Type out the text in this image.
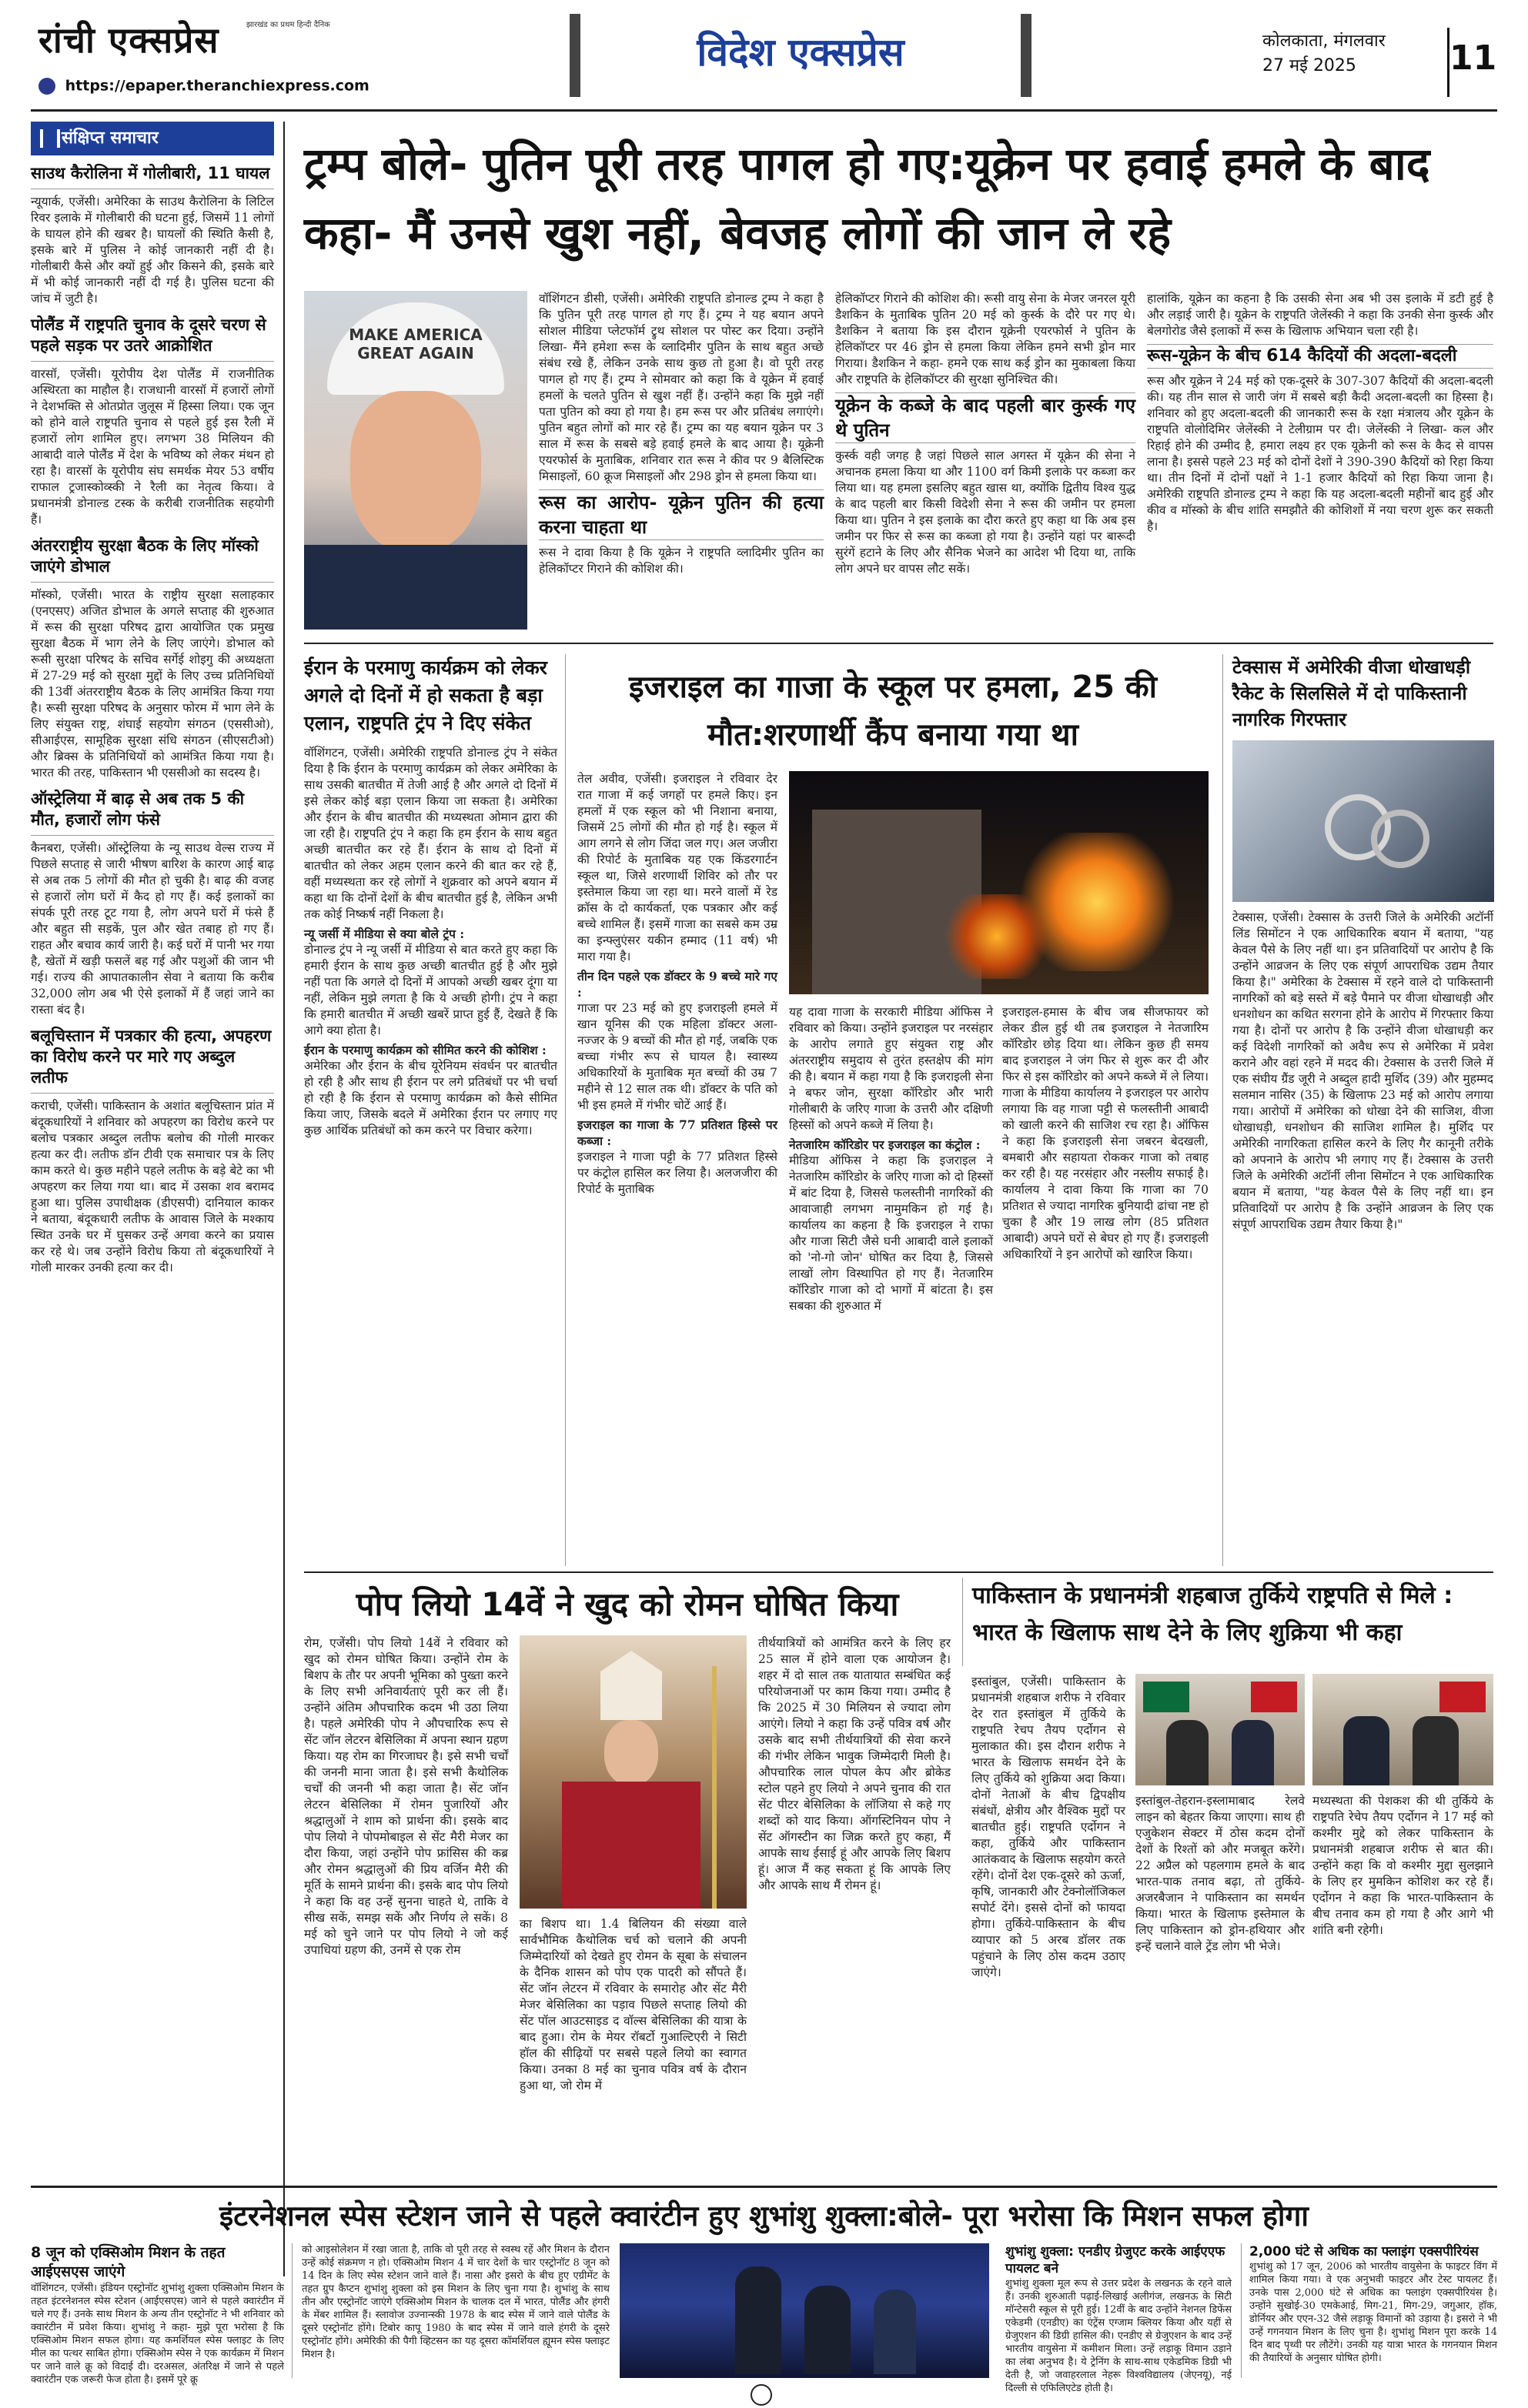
रांची एक्सप्रेस	झारखंड का प्रथम हिन्दी दैनिक
https://epaper.theranchiexpress.com
विदेश एक्सप्रेस	कोलकाता, मंगलवार
27 मई 2025	11
संक्षिप्त समाचार
साउथ कैरोलिना में गोलीबारी, 11 घायल
न्यूयार्क, एजेंसी। अमेरिका के साउथ कैरोलिना के लिटिल रिवर इलाके में गोलीबारी की घटना हुई, जिसमें 11 लोगों के घायल होने की खबर है। घायलों की स्थिति कैसी है, इसके बारे में पुलिस ने कोई जानकारी नहीं दी है। गोलीबारी कैसे और क्यों हुई और किसने की, इसके बारे में भी कोई जानकारी नहीं दी गई है। पुलिस घटना की जांच में जुटी है।
पोलैंड में राष्ट्रपति चुनाव के दूसरे चरण से पहले सड़क पर उतरे आक्रोशित
वारसॉ, एजेंसी। यूरोपीय देश पोलैंड में राजनीतिक अस्थिरता का माहौल है। राजधानी वारसॉ में हजारों लोगों ने देशभक्ति से ओतप्रोत जुलूस में हिस्सा लिया। एक जून को होने वाले राष्ट्रपति चुनाव से पहले हुई इस रैली में हजारों लोग शामिल हुए। लगभग 38 मिलियन की आबादी वाले पोलैंड में देश के भविष्य को लेकर मंथन हो रहा है। वारसॉ के यूरोपीय संघ समर्थक मेयर 53 वर्षीय राफाल ट्रजास्कोव्स्की ने रैली का नेतृत्व किया। वे प्रधानमंत्री डोनाल्ड टस्क के करीबी राजनीतिक सहयोगी हैं।
अंतरराष्ट्रीय सुरक्षा बैठक के लिए मॉस्को जाएंगे डोभाल
मॉस्को, एजेंसी। भारत के राष्ट्रीय सुरक्षा सलाहकार (एनएसए) अजित डोभाल के अगले सप्ताह की शुरुआत में रूस की सुरक्षा परिषद द्वारा आयोजित एक प्रमुख सुरक्षा बैठक में भाग लेने के लिए जाएंगे। डोभाल को रूसी सुरक्षा परिषद के सचिव सर्गेई शोइगु की अध्यक्षता में 27-29 मई को सुरक्षा मुद्दों के लिए उच्च प्रतिनिधियों की 13वीं अंतरराष्ट्रीय बैठक के लिए आमंत्रित किया गया है। रूसी सुरक्षा परिषद के अनुसार फोरम में भाग लेने के लिए संयुक्त राष्ट्र, शंघाई सहयोग संगठन (एससीओ), सीआईएस, सामूहिक सुरक्षा संधि संगठन (सीएसटीओ) और ब्रिक्स के प्रतिनिधियों को आमंत्रित किया गया है। भारत की तरह, पाकिस्तान भी एससीओ का सदस्य है।
ऑस्ट्रेलिया में बाढ़ से अब तक 5 की मौत, हजारों लोग फंसे
कैनबरा, एजेंसी। ऑस्ट्रेलिया के न्यू साउथ वेल्स राज्य में पिछले सप्ताह से जारी भीषण बारिश के कारण आई बाढ़ से अब तक 5 लोगों की मौत हो चुकी है। बाढ़ की वजह से हजारों लोग घरों में कैद हो गए हैं। कई इलाकों का संपर्क पूरी तरह टूट गया है, लोग अपने घरों में फंसे हैं और बहुत सी सड़कें, पुल और खेत तबाह हो गए हैं। राहत और बचाव कार्य जारी है। कई घरों में पानी भर गया है, खेतों में खड़ी फसलें बह गई और पशुओं की जान भी गई। राज्य की आपातकालीन सेवा ने बताया कि करीब 32,000 लोग अब भी ऐसे इलाकों में हैं जहां जाने का रास्ता बंद है।
बलूचिस्तान में पत्रकार की हत्या, अपहरण का विरोध करने पर मारे गए अब्दुल लतीफ
कराची, एजेंसी। पाकिस्तान के अशांत बलूचिस्तान प्रांत में बंदूकधारियों ने शनिवार को अपहरण का विरोध करने पर बलोच पत्रकार अब्दुल लतीफ बलोच की गोली मारकर हत्या कर दी। लतीफ डॉन टीवी एक समाचार पत्र के लिए काम करते थे। कुछ महीने पहले लतीफ के बड़े बेटे का भी अपहरण कर लिया गया था। बाद में उसका शव बरामद हुआ था। पुलिस उपाधीक्षक (डीएसपी) दानियाल काकर ने बताया, बंदूकधारी लतीफ के आवास जिले के मश्काय स्थित उनके घर में घुसकर उन्हें अगवा करने का प्रयास कर रहे थे। जब उन्होंने विरोध किया तो बंदूकधारियों ने गोली मारकर उनकी हत्या कर दी।
ट्रम्प बोले- पुतिन पूरी तरह पागल हो गए:यूक्रेन पर हवाई हमले के बाद कहा- मैं उनसे खुश नहीं, बेवजह लोगों की जान ले रहे
MAKE AMERICA GREAT AGAIN
वॉशिंगटन डीसी, एजेंसी। अमेरिकी राष्ट्रपति डोनाल्ड ट्रम्प ने कहा है कि पुतिन पूरी तरह पागल हो गए हैं। ट्रम्प ने यह बयान अपने सोशल मीडिया प्लेटफॉर्म ट्रुथ सोशल पर पोस्ट कर दिया। उन्होंने लिखा- मैंने हमेशा रूस के व्लादिमीर पुतिन के साथ बहुत अच्छे संबंध रखे हैं, लेकिन उनके साथ कुछ तो हुआ है। वो पूरी तरह पागल हो गए हैं। ट्रम्प ने सोमवार को कहा कि वे यूक्रेन में हवाई हमलों के चलते पुतिन से खुश नहीं हैं। उन्होंने कहा कि मुझे नहीं पता पुतिन को क्या हो गया है। हम रूस पर और प्रतिबंध लगाएंगे। पुतिन बहुत लोगों को मार रहे हैं। ट्रम्प का यह बयान यूक्रेन पर 3 साल में रूस के सबसे बड़े हवाई हमले के बाद आया है। यूक्रेनी एयरफोर्स के मुताबिक, शनिवार रात रूस ने कीव पर 9 बैलिस्टिक मिसाइलों, 60 क्रूज मिसाइलों और 298 ड्रोन से हमला किया था।
रूस का आरोप- यूक्रेन पुतिन की हत्या करना चाहता था
रूस ने दावा किया है कि यूक्रेन ने राष्ट्रपति व्लादिमीर पुतिन का हेलिकॉप्टर गिराने की कोशिश की।
हेलिकॉप्टर गिराने की कोशिश की। रूसी वायु सेना के मेजर जनरल यूरी डैशकिन के मुताबिक पुतिन 20 मई को कुर्स्क के दौरे पर गए थे। डैशकिन ने बताया कि इस दौरान यूक्रेनी एयरफोर्स ने पुतिन के हेलिकॉप्टर पर 46 ड्रोन से हमला किया लेकिन हमने सभी ड्रोन मार गिराया। डैशकिन ने कहा- हमने एक साथ कई ड्रोन का मुकाबला किया और राष्ट्रपति के हेलिकॉप्टर की सुरक्षा सुनिश्चित की।
यूक्रेन के कब्जे के बाद पहली बार कुर्स्क गए थे पुतिन
कुर्स्क वही जगह है जहां पिछले साल अगस्त में यूक्रेन की सेना ने अचानक हमला किया था और 1100 वर्ग किमी इलाके पर कब्जा कर लिया था। यह हमला इसलिए बहुत खास था, क्योंकि द्वितीय विश्व युद्ध के बाद पहली बार किसी विदेशी सेना ने रूस की जमीन पर हमला किया था। पुतिन ने इस इलाके का दौरा करते हुए कहा था कि अब इस जमीन पर फिर से रूस का कब्जा हो गया है। उन्होंने यहां पर बारूदी सुरंगें हटाने के लिए और सैनिक भेजने का आदेश भी दिया था, ताकि लोग अपने घर वापस लौट सकें।
हालांकि, यूक्रेन का कहना है कि उसकी सेना अब भी उस इलाके में डटी हुई है और लड़ाई जारी है। यूक्रेन के राष्ट्रपति जेलेंस्की ने कहा कि उनकी सेना कुर्स्क और बेलगोरोड जैसे इलाकों में रूस के खिलाफ अभियान चला रही है।
रूस-यूक्रेन के बीच 614 कैदियों की अदला-बदली
रूस और यूक्रेन ने 24 मई को एक-दूसरे के 307-307 कैदियों की अदला-बदली की। यह तीन साल से जारी जंग में सबसे बड़ी कैदी अदला-बदली का हिस्सा है। शनिवार को हुए अदला-बदली की जानकारी रूस के रक्षा मंत्रालय और यूक्रेन के राष्ट्रपति वोलोदिमिर जेलेंस्की ने टेलीग्राम पर दी। जेलेंस्की ने लिखा- कल और रिहाई होने की उम्मीद है, हमारा लक्ष्य हर एक यूक्रेनी को रूस के कैद से वापस लाना है। इससे पहले 23 मई को दोनों देशों ने 390-390 कैदियों को रिहा किया था। तीन दिनों में दोनों पक्षों ने 1-1 हजार कैदियों को रिहा किया जाना है। अमेरिकी राष्ट्रपति डोनाल्ड ट्रम्प ने कहा कि यह अदला-बदली महीनों बाद हुई और कीव व मॉस्को के बीच शांति समझौते की कोशिशों में नया चरण शुरू कर सकती है।
ईरान के परमाणु कार्यक्रम को लेकर अगले दो दिनों में हो सकता है बड़ा एलान, राष्ट्रपति ट्रंप ने दिए संकेत
वॉशिंगटन, एजेंसी। अमेरिकी राष्ट्रपति डोनाल्ड ट्रंप ने संकेत दिया है कि ईरान के परमाणु कार्यक्रम को लेकर अमेरिका के साथ उसकी बातचीत में तेजी आई है और अगले दो दिनों में इसे लेकर कोई बड़ा एलान किया जा सकता है। अमेरिका और ईरान के बीच बातचीत की मध्यस्थता ओमान द्वारा की जा रही है। राष्ट्रपति ट्रंप ने कहा कि हम ईरान के साथ बहुत अच्छी बातचीत कर रहे हैं। ईरान के साथ दो दिनों में बातचीत को लेकर अहम एलान करने की बात कर रहे हैं, वहीं मध्यस्थता कर रहे लोगों ने शुक्रवार को अपने बयान में कहा था कि दोनों देशों के बीच बातचीत हुई है, लेकिन अभी तक कोई निष्कर्ष नहीं निकला है।
न्यू जर्सी में मीडिया से क्या बोले ट्रंप :
डोनाल्ड ट्रंप ने न्यू जर्सी में मीडिया से बात करते हुए कहा कि हमारी ईरान के साथ कुछ अच्छी बातचीत हुई है और मुझे नहीं पता कि अगले दो दिनों में आपको अच्छी खबर दूंगा या नहीं, लेकिन मुझे लगता है कि ये अच्छी होगी। ट्रंप ने कहा कि हमारी बातचीत में अच्छी खबरें प्राप्त हुई हैं, देखते हैं कि आगे क्या होता है।
ईरान के परमाणु कार्यक्रम को सीमित करने की कोशिश :
अमेरिका और ईरान के बीच यूरेनियम संवर्धन पर बातचीत हो रही है और साथ ही ईरान पर लगे प्रतिबंधों पर भी चर्चा हो रही है कि ईरान से परमाणु कार्यक्रम को कैसे सीमित किया जाए, जिसके बदले में अमेरिका ईरान पर लगाए गए कुछ आर्थिक प्रतिबंधों को कम करने पर विचार करेगा।
इजराइल का गाजा के स्कूल पर हमला, 25 की मौत:शरणार्थी कैंप बनाया गया था
तेल अवीव, एजेंसी। इजराइल ने रविवार देर रात गाजा में कई जगहों पर हमले किए। इन हमलों में एक स्कूल को भी निशाना बनाया, जिसमें 25 लोगों की मौत हो गई है। स्कूल में आग लगने से लोग जिंदा जल गए। अल जजीरा की रिपोर्ट के मुताबिक यह एक किंडरगार्टन स्कूल था, जिसे शरणार्थी शिविर को तौर पर इस्तेमाल किया जा रहा था। मरने वालों में रेड क्रॉस के दो कार्यकर्ता, एक पत्रकार और कई बच्चे शामिल हैं। इसमें गाजा का सबसे कम उम्र का इन्फ्लुएंसर यकीन हम्माद (11 वर्ष) भी मारा गया है।
तीन दिन पहले एक डॉक्टर के 9 बच्चे मारे गए :
गाजा पर 23 मई को हुए इजराइली हमले में खान यूनिस की एक महिला डॉक्टर अला-नज्जर के 9 बच्चों की मौत हो गई, जबकि एक बच्चा गंभीर रूप से घायल है। स्वास्थ्य अधिकारियों के मुताबिक मृत बच्चों की उम्र 7 महीने से 12 साल तक थी। डॉक्टर के पति को भी इस हमले में गंभीर चोटें आई हैं।
इजराइल का गाजा के 77 प्रतिशत हिस्से पर कब्जा :
इजराइल ने गाजा पट्टी के 77 प्रतिशत हिस्से पर कंट्रोल हासिल कर लिया है। अलजजीरा की रिपोर्ट के मुताबिक
यह दावा गाजा के सरकारी मीडिया ऑफिस ने रविवार को किया। उन्होंने इजराइल पर नरसंहार के आरोप लगाते हुए संयुक्त राष्ट्र और अंतरराष्ट्रीय समुदाय से तुरंत हस्तक्षेप की मांग की है। बयान में कहा गया है कि इजराइली सेना ने बफर जोन, सुरक्षा कॉरिडोर और भारी गोलीबारी के जरिए गाजा के उत्तरी और दक्षिणी हिस्सों को अपने कब्जे में लिया है।
नेतजारिम कॉरिडोर पर इजराइल का कंट्रोल :
मीडिया ऑफिस ने कहा कि इजराइल ने नेतजारिम कॉरिडोर के जरिए गाजा को दो हिस्सों में बांट दिया है, जिससे फलस्तीनी नागरिकों की आवाजाही लगभग नामुमकिन हो गई है। कार्यालय का कहना है कि इजराइल ने राफा और गाजा सिटी जैसे घनी आबादी वाले इलाकों को 'नो-गो जोन' घोषित कर दिया है, जिससे लाखों लोग विस्थापित हो गए हैं। नेतजारिम कॉरिडोर गाजा को दो भागों में बांटता है। इस सबका की शुरुआत में
इजराइल-हमास के बीच जब सीजफायर को लेकर डील हुई थी तब इजराइल ने नेतजारिम कॉरिडोर छोड़ दिया था। लेकिन कुछ ही समय बाद इजराइल ने जंग फिर से शुरू कर दी और फिर से इस कॉरिडोर को अपने कब्जे में ले लिया। गाजा के मीडिया कार्यालय ने इजराइल पर आरोप लगाया कि वह गाजा पट्टी से फलस्तीनी आबादी को खाली करने की साजिश रच रहा है। ऑफिस ने कहा कि इजराइली सेना जबरन बेदखली, बमबारी और सहायता रोककर गाजा को तबाह कर रही है। यह नरसंहार और नस्लीय सफाई है। कार्यालय ने दावा किया कि गाजा का 70 प्रतिशत से ज्यादा नागरिक बुनियादी ढांचा नष्ट हो चुका है और 19 लाख लोग (85 प्रतिशत आबादी) अपने घरों से बेघर हो गए हैं। इजराइली अधिकारियों ने इन आरोपों को खारिज किया।
टेक्सास में अमेरिकी वीजा धोखाधड़ी रैकेट के सिलसिले में दो पाकिस्तानी नागरिक गिरफ्तार
टेक्सास, एजेंसी। टेक्सास के उत्तरी जिले के अमेरिकी अटॉर्नी लिंड सिमोंटन ने एक आधिकारिक बयान में बताया, "यह केवल पैसे के लिए नहीं था। इन प्रतिवादियों पर आरोप है कि उन्होंने आव्रजन के लिए एक संपूर्ण आपराधिक उद्यम तैयार किया है।" अमेरिका के टेक्सास में रहने वाले दो पाकिस्तानी नागरिकों को बड़े सस्ते में बड़े पैमाने पर वीजा धोखाधड़ी और धनशोधन का कथित सरगना होने के आरोप में गिरफ्तार किया गया है। दोनों पर आरोप है कि उन्होंने वीजा धोखाधड़ी कर कई विदेशी नागरिकों को अवैध रूप से अमेरिका में प्रवेश कराने और वहां रहने में मदद की। टेक्सास के उत्तरी जिले में एक संघीय ग्रैंड जूरी ने अब्दुल हादी मुर्शिद (39) और मुहम्मद सलमान नासिर (35) के खिलाफ 23 मई को आरोप लगाया गया। आरोपों में अमेरिका को धोखा देने की साजिश, वीजा धोखाधड़ी, धनशोधन की साजिश शामिल है। मुर्शिद पर अमेरिकी नागरिकता हासिल करने के लिए गैर कानूनी तरीके को अपनाने के आरोप भी लगाए गए हैं। टेक्सास के उत्तरी जिले के अमेरिकी अटॉर्नी लीना सिमोंटन ने एक आधिकारिक बयान में बताया, "यह केवल पैसे के लिए नहीं था। इन प्रतिवादियों पर आरोप है कि उन्होंने आव्रजन के लिए एक संपूर्ण आपराधिक उद्यम तैयार किया है।"
पोप लियो 14वें ने खुद को रोमन घोषित किया
रोम, एजेंसी। पोप लियो 14वें ने रविवार को खुद को रोमन घोषित किया। उन्होंने रोम के बिशप के तौर पर अपनी भूमिका को पुख्ता करने के लिए सभी अनिवार्यताएं पूरी कर ली हैं। उन्होंने अंतिम औपचारिक कदम भी उठा लिया है। पहले अमेरिकी पोप ने औपचारिक रूप से सेंट जॉन लेटरन बेसिलिका में अपना स्थान ग्रहण किया। यह रोम का गिरजाघर है। इसे सभी चर्चों की जननी माना जाता है। इसे सभी कैथोलिक चर्चों की जननी भी कहा जाता है। सेंट जॉन लेटरन बेसिलिका में रोमन पुजारियों और श्रद्धालुओं ने शाम को प्रार्थना की। इसके बाद पोप लियो ने पोपमोबाइल से सेंट मैरी मेजर का दौरा किया, जहां उन्होंने पोप फ्रांसिस की कब्र और रोमन श्रद्धालुओं की प्रिय वर्जिन मैरी की मूर्ति के सामने प्रार्थना की। इसके बाद पोप लियो ने कहा कि वह उन्हें सुनना चाहते थे, ताकि वे सीख सकें, समझ सकें और निर्णय ले सकें। 8 मई को चुने जाने पर पोप लियो ने जो कई उपाधियां ग्रहण की, उनमें से एक रोम
का बिशप था। 1.4 बिलियन की संख्या वाले सार्वभौमिक कैथोलिक चर्च को चलाने की अपनी जिम्मेदारियों को देखते हुए रोमन के सूबा के संचालन के दैनिक शासन को पोप एक पादरी को सौंपते हैं। सेंट जॉन लेटरन में रविवार के समारोह और सेंट मैरी मेजर बेसिलिका का पड़ाव पिछले सप्ताह लियो की सेंट पॉल आउटसाइड द वॉल्स बेसिलिका की यात्रा के बाद हुआ। रोम के मेयर रॉबर्टो गुआल्टिएरी ने सिटी हॉल की सीढ़ियों पर सबसे पहले लियो का स्वागत किया। उनका 8 मई का चुनाव पवित्र वर्ष के दौरान हुआ था, जो रोम में
तीर्थयात्रियों को आमंत्रित करने के लिए हर 25 साल में होने वाला एक आयोजन है। शहर में दो साल तक यातायात सम्बंधित कई परियोजनाओं पर काम किया गया। उम्मीद है कि 2025 में 30 मिलियन से ज्यादा लोग आएंगे। लियो ने कहा कि उन्हें पवित्र वर्ष और उसके बाद सभी तीर्थयात्रियों की सेवा करने की गंभीर लेकिन भावुक जिम्मेदारी मिली है। औपचारिक लाल पोपल केप और ब्रोकेड स्टोल पहने हुए लियो ने अपने चुनाव की रात सेंट पीटर बेसिलिका के लॉजिया से कहे गए शब्दों को याद किया। ऑगस्टिनियन पोप ने सेंट ऑगस्टीन का जिक्र करते हुए कहा, मैं आपके साथ ईसाई हूं और आपके लिए बिशप हूं। आज मैं कह सकता हूं कि आपके लिए और आपके साथ मैं रोमन हूं।
पाकिस्तान के प्रधानमंत्री शहबाज तुर्किये राष्ट्रपति से मिले : भारत के खिलाफ साथ देने के लिए शुक्रिया भी कहा
इस्तांबुल, एजेंसी। पाकिस्तान के प्रधानमंत्री शहबाज शरीफ ने रविवार देर रात इस्तांबुल में तुर्किये के राष्ट्रपति रेचप तैयप एर्दोगन से मुलाकात की। इस दौरान शरीफ ने भारत के खिलाफ समर्थन देने के लिए तुर्किये को शुक्रिया अदा किया। दोनों नेताओं के बीच द्विपक्षीय संबंधों, क्षेत्रीय और वैश्विक मुद्दों पर बातचीत हुई। राष्ट्रपति एर्दोगन ने कहा, तुर्किये और पाकिस्तान आतंकवाद के खिलाफ सहयोग करते रहेंगे। दोनों देश एक-दूसरे को ऊर्जा, कृषि, जानकारी और टेक्नोलॉजिकल सपोर्ट देंगे। इससे दोनों को फायदा होगा। तुर्किये-पाकिस्तान के बीच व्यापार को 5 अरब डॉलर तक पहुंचाने के लिए ठोस कदम उठाए जाएंगे।
इस्तांबुल-तेहरान-इस्लामाबाद रेलवे लाइन को बेहतर किया जाएगा। साथ ही एजुकेशन सेक्टर में ठोस कदम दोनों देशों के रिश्तों को और मजबूत करेंगे। 22 अप्रैल को पहलगाम हमले के बाद भारत-पाक तनाव बढ़ा, तो तुर्किये-अजरबैजान ने पाकिस्तान का समर्थन किया। भारत के खिलाफ इस्तेमाल के लिए पाकिस्तान को ड्रोन-हथियार और इन्हें चलाने वाले ट्रेंड लोग भी भेजे।
मध्यस्थता की पेशकश की थी तुर्किये के राष्ट्रपति रेचेप तैयप एर्दोगन ने 17 मई को कश्मीर मुद्दे को लेकर पाकिस्तान के प्रधानमंत्री शहबाज शरीफ से बात की। उन्होंने कहा कि वो कश्मीर मुद्दा सुलझाने के लिए हर मुमकिन कोशिश कर रहे हैं। एर्दोगन ने कहा कि भारत-पाकिस्तान के बीच तनाव कम हो गया है और आगे भी शांति बनी रहेगी।
इंटरनेशनल स्पेस स्टेशन जाने से पहले क्वारंटीन हुए शुभांशु शुक्ला:बोले- पूरा भरोसा कि मिशन सफल होगा
8 जून को एक्सिओम मिशन के तहत आईएसएस जाएंगे
वॉशिंगटन, एजेंसी। इंडियन एस्ट्रोनॉट शुभांशु शुक्ला एक्सिओम मिशन के तहत इंटरनेशनल स्पेस स्टेशन (आईएसएस) जाने से पहले क्वारंटीन में चले गए हैं। उनके साथ मिशन के अन्य तीन एस्ट्रोनॉट ने भी शनिवार को क्वारंटीन में प्रवेश किया। शुभांशु ने कहा- मुझे पूरा भरोसा है कि एक्सिओम मिशन सफल होगा। यह कमर्शियल स्पेस फ्लाइट के लिए मील का पत्थर साबित होगा। एक्सिओम स्पेस ने एक कार्यक्रम में मिशन पर जाने वाले क्रू को विदाई दी। दरअसल, अंतरिक्ष में जाने से पहले क्वारंटीन एक जरूरी फेज होता है। इसमें पूरे क्रू
को आइसोलेशन में रखा जाता है, ताकि वो पूरी तरह से स्वस्थ रहें और मिशन के दौरान उन्हें कोई संक्रमण न हो। एक्सिओम मिशन 4 में चार देशों के चार एस्ट्रोनॉट 8 जून को 14 दिन के लिए स्पेस स्टेशन जाने वाले हैं। नासा और इसरो के बीच हुए एग्रीमेंट के तहत ग्रुप कैप्टन शुभांशु शुक्ला को इस मिशन के लिए चुना गया है। शुभांशु के साथ तीन और एस्ट्रोनॉट जाएंगे एक्सिओम मिशन के चालक दल में भारत, पोलैंड और हंगरी के मेंबर शामिल हैं। स्लावोज उज्नान्स्की 1978 के बाद स्पेस में जाने वाले पोलैंड के दूसरे एस्ट्रोनॉट होंगे। टिबोर कापू 1980 के बाद स्पेस में जाने वाले हंगरी के दूसरे एस्ट्रोनॉट होंगे। अमेरिकी की पैगी व्हिटसन का यह दूसरा कॉमर्शियल ह्यूमन स्पेस फ्लाइट मिशन है।
शुभांशु शुक्ला: एनडीए ग्रेजुएट करके आईएएफ पायलट बने
शुभांशु शुक्ला मूल रूप से उत्तर प्रदेश के लखनऊ के रहने वाले हैं। उनकी शुरुआती पढ़ाई-लिखाई अलीगंज, लखनऊ के सिटी मॉन्टेसरी स्कूल से पूरी हुई। 12वीं के बाद उन्होंने नेशनल डिफेंस एकेडमी (एनडीए) का एंट्रेंस एग्जाम क्लियर किया और यहीं से ग्रेजुएशन की डिग्री हासिल की। एनडीए से ग्रेजुएशन के बाद उन्हें भारतीय वायुसेना में कमीशन मिला। उन्हें लड़ाकू विमान उड़ाने का लंबा अनुभव है। ये ट्रेनिंग के साथ-साथ एकेडमिक डिग्री भी देती है, जो जवाहरलाल नेहरू विश्वविद्यालय (जेएनयू), नई दिल्ली से एफिलिएटेड होती है।
2,000 घंटे से अधिक का फ्लाइंग एक्सपीरियंस
शुभांशु को 17 जून, 2006 को भारतीय वायुसेना के फाइटर विंग में शामिल किया गया। वे एक अनुभवी फाइटर और टेस्ट पायलट हैं। उनके पास 2,000 घंटे से अधिक का फ्लाइंग एक्सपीरियंस है। उन्होंने सुखोई-30 एमकेआई, मिग-21, मिग-29, जगुआर, हॉक, डोर्नियर और एएन-32 जैसे लड़ाकू विमानों को उड़ाया है। इसरो ने भी उन्हें गगनयान मिशन के लिए चुना है। शुभांशु मिशन पूरा करके 14 दिन बाद पृथ्वी पर लौटेंगे। उनकी यह यात्रा भारत के गगनयान मिशन की तैयारियों के अनुसार घोषित होगी।
